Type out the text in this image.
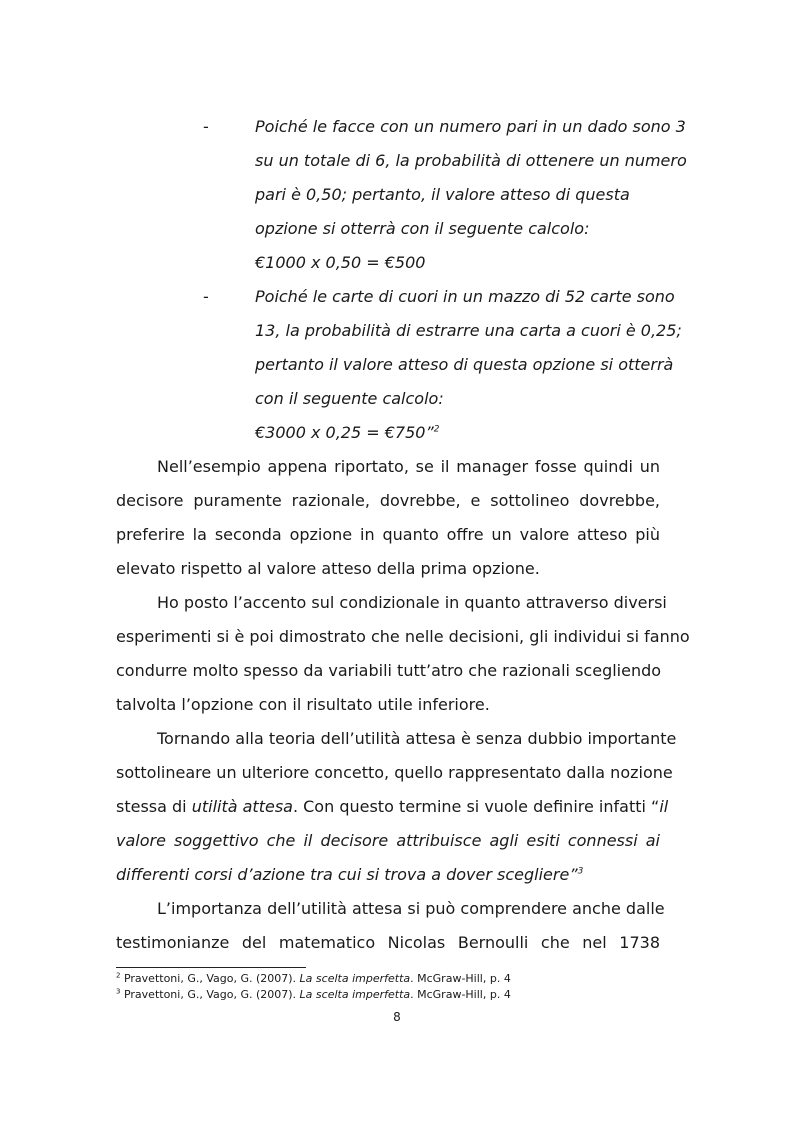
-	Poiché le facce con un numero pari in un dado sono 3
su un totale di 6, la probabilità di ottenere un numero
pari è 0,50; pertanto, il valore atteso di questa
opzione si otterrà con il seguente calcolo:
€1000 x 0,50 = €500
-	Poiché le carte di cuori in un mazzo di 52 carte sono
13, la probabilità di estrarre una carta a cuori è 0,25;
pertanto il valore atteso di questa opzione si otterrà
con il seguente calcolo:
€3000 x 0,25 = €750”$^2$
Nell’esempio appena riportato, se il manager fosse quindi un
decisore puramente razionale, dovrebbe, e sottolineo dovrebbe,
preferire la seconda opzione in quanto offre un valore atteso più
elevato rispetto al valore atteso della prima opzione.
Ho posto l’accento sul condizionale in quanto attraverso diversi
esperimenti si è poi dimostrato che nelle decisioni, gli individui si fanno
condurre molto spesso da variabili tutt’atro che razionali scegliendo
talvolta l’opzione con il risultato utile inferiore.
Tornando alla teoria dell’utilità attesa è senza dubbio importante
sottolineare un ulteriore concetto, quello rappresentato dalla nozione
stessa di utilità attesa. Con questo termine si vuole definire infatti “il
valore soggettivo che il decisore attribuisce agli esiti connessi ai
differenti corsi d’azione tra cui si trova a dover scegliere”$^3$
L’importanza dell’utilità attesa si può comprendere anche dalle
testimonianze del matematico Nicolas Bernoulli che nel 1738
$^2$ Pravettoni, G., Vago, G. (2007). La scelta imperfetta. McGraw-Hill, p. 4
$^3$ Pravettoni, G., Vago, G. (2007). La scelta imperfetta. McGraw-Hill, p. 4
8
